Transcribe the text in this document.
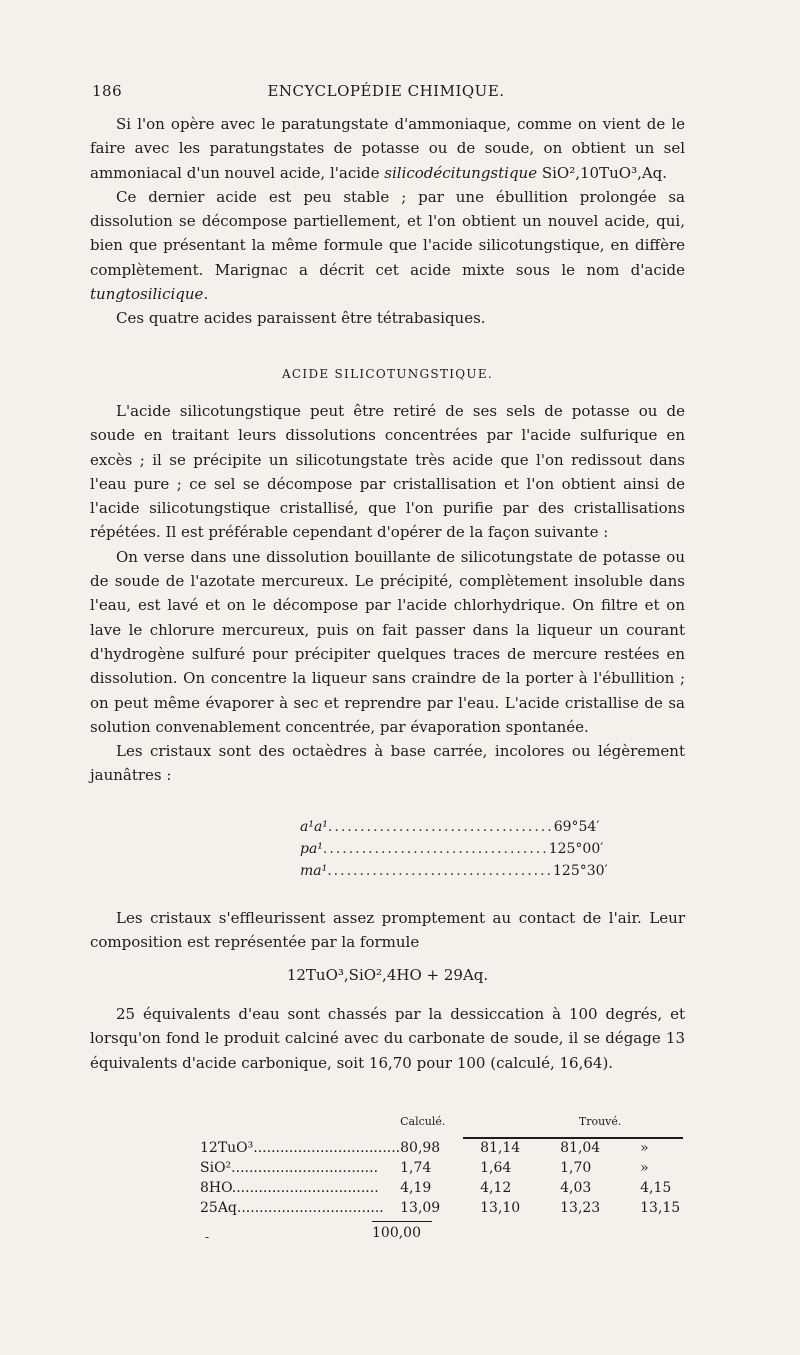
186	ENCYCLOPÉDIE CHIMIQUE.

Si l'on opère avec le paratungstate d'ammoniaque, comme on vient de le faire avec les paratungstates de potasse ou de soude, on obtient un sel ammoniacal d'un nouvel acide, l'acide silicodécitungstique SiO²,10TuO³,Aq.

Ce dernier acide est peu stable ; par une ébullition prolongée sa dissolution se décompose partiellement, et l'on obtient un nouvel acide, qui, bien que présentant la même formule que l'acide silicotungstique, en diffère complètement. Marignac a décrit cet acide mixte sous le nom d'acide tungtosilicique.

Ces quatre acides paraissent être tétrabasiques.

ACIDE SILICOTUNGSTIQUE.

L'acide silicotungstique peut être retiré de ses sels de potasse ou de soude en traitant leurs dissolutions concentrées par l'acide sulfurique en excès ; il se précipite un silicotungstate très acide que l'on redissout dans l'eau pure ; ce sel se décompose par cristallisation et l'on obtient ainsi de l'acide silicotungstique cristallisé, que l'on purifie par des cristallisations répétées. Il est préférable cependant d'opérer de la façon suivante :

On verse dans une dissolution bouillante de silicotungstate de potasse ou de soude de l'azotate mercureux. Le précipité, complètement insoluble dans l'eau, est lavé et on le décompose par l'acide chlorhydrique. On filtre et on lave le chlorure mercureux, puis on fait passer dans la liqueur un courant d'hydrogène sulfuré pour précipiter quelques traces de mercure restées en dissolution. On concentre la liqueur sans craindre de la porter à l'ébullition ; on peut même évaporer à sec et reprendre par l'eau. L'acide cristallise de sa solution convenablement concentrée, par évaporation spontanée.

Les cristaux sont des octaèdres à base carrée, incolores ou légèrement jaunâtres :

a¹a¹ ................................... 69°54′
pa¹ ................................... 125°00′
ma¹ ................................... 125°30′

Les cristaux s'effleurissent assez promptement au contact de l'air. Leur composition est représentée par la formule

12TuO³,SiO²,4HO + 29Aq.

25 équivalents d'eau sont chassés par la dessiccation à 100 degrés, et lorsqu'on fond le produit calciné avec du carbonate de soude, il se dégage 13 équivalents d'acide carbonique, soit 16,70 pour 100 (calculé, 16,64).

	Calculé.	Trouvé.		
12TuO³.................................	80,98	81,14	81,04	»
SiO².................................	1,74	1,64	1,70	»
8HO.................................	4,19	4,12	4,03	4,15
25Aq.................................	13,09	13,10	13,23	13,15
100,00
-
